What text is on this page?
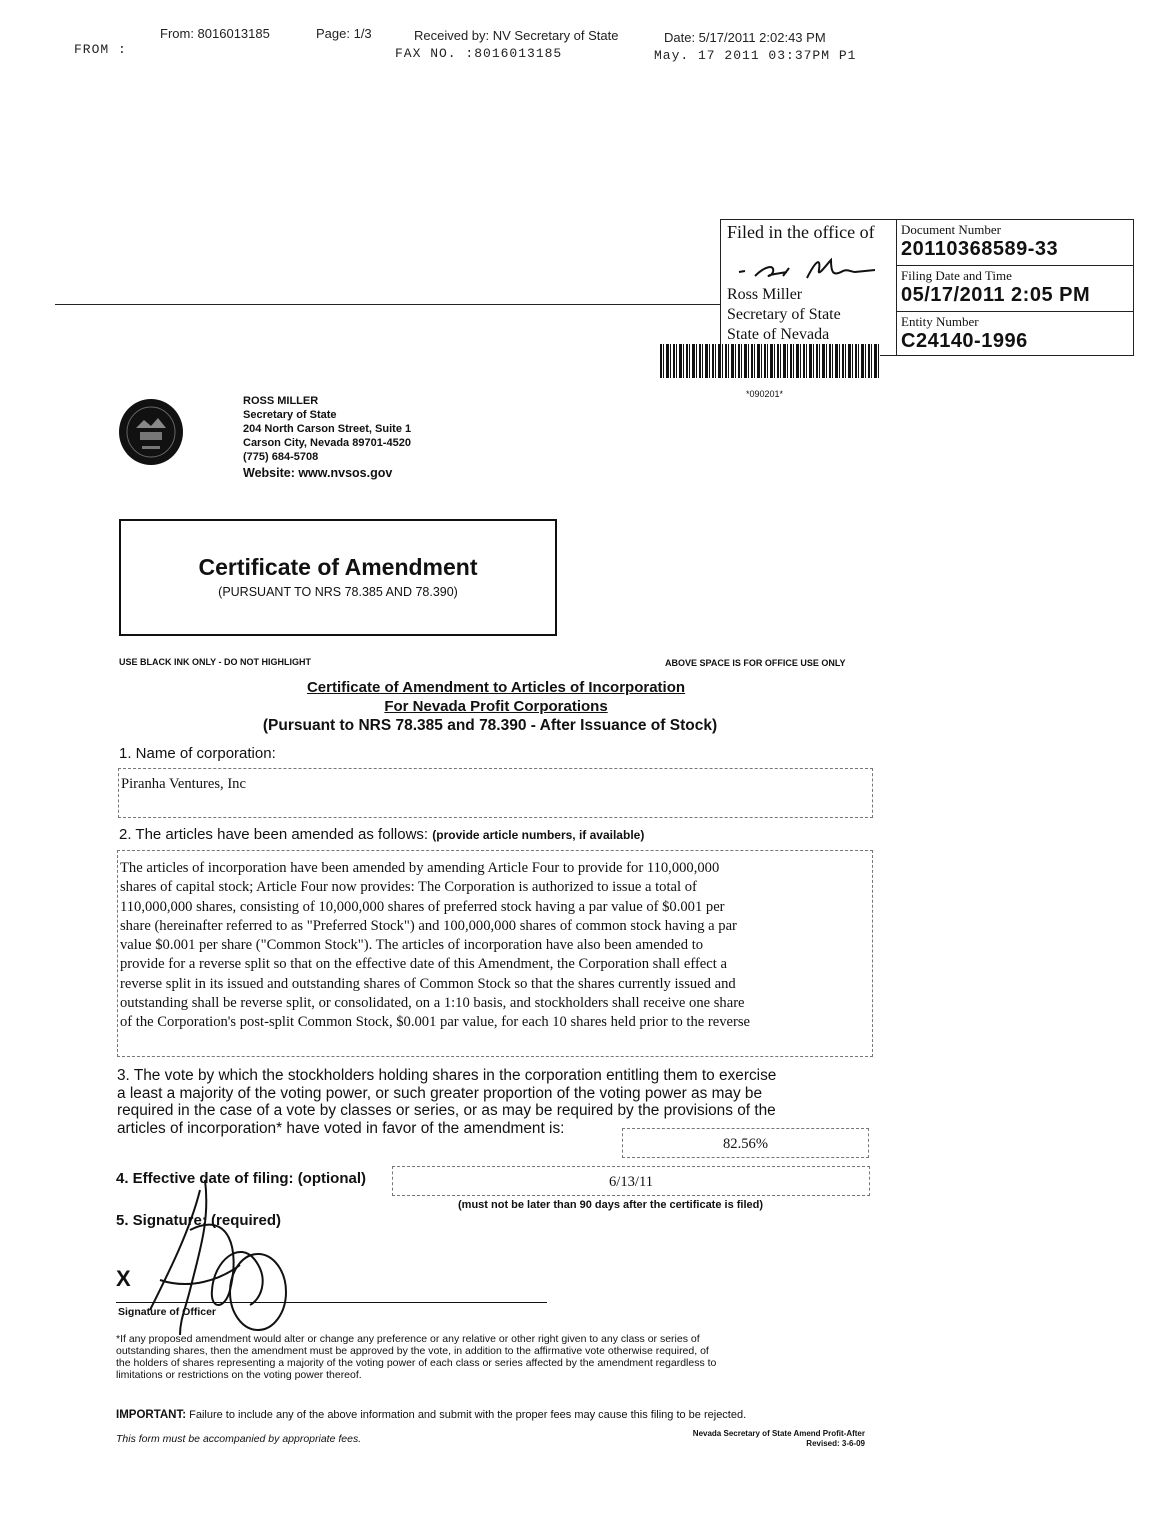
FROM :
From: 8016013185	Page: 1/3	Received by: NV Secretary of State	Date: 5/17/2011 2:02:43 PM
FAX NO. :8016013185	May. 17 2011 03:37PM P1
Filed in the office of
Ross Miller
Secretary of State
State of Nevada
Document Number
20110368589-33
Filing Date and Time
05/17/2011 2:05 PM
Entity Number
C24140-1996
*090201*
ROSS MILLER
Secretary of State
204 North Carson Street, Suite 1
Carson City, Nevada 89701-4520
(775) 684-5708
Website: www.nvsos.gov
Certificate of Amendment
(PURSUANT TO NRS 78.385 AND 78.390)
USE BLACK INK ONLY - DO NOT HIGHLIGHT	ABOVE SPACE IS FOR OFFICE USE ONLY
Certificate of Amendment to Articles of Incorporation
For Nevada Profit Corporations
(Pursuant to NRS 78.385 and 78.390 - After Issuance of Stock)
1. Name of corporation:
Piranha Ventures, Inc
2. The articles have been amended as follows: (provide article numbers, if available)
The articles of incorporation have been amended by amending Article Four to provide for 110,000,000
shares of capital stock; Article Four now provides: The Corporation is authorized to issue a total of
110,000,000 shares, consisting of 10,000,000 shares of preferred stock having a par value of $0.001 per
share (hereinafter referred to as "Preferred Stock") and 100,000,000 shares of common stock having a par
value $0.001 per share ("Common Stock"). The articles of incorporation have also been amended to
provide for a reverse split so that on the effective date of this Amendment, the Corporation shall effect a
reverse split in its issued and outstanding shares of Common Stock so that the shares currently issued and
outstanding shall be reverse split, or consolidated, on a 1:10 basis, and stockholders shall receive one share
of the Corporation's post-split Common Stock, $0.001 par value, for each 10 shares held prior to the reverse
3. The vote by which the stockholders holding shares in the corporation entitling them to exercise
a least a majority of the voting power, or such greater proportion of the voting power as may be
required in the case of a vote by classes or series, or as may be required by the provisions of the
articles of incorporation* have voted in favor of the amendment is:
82.56%
4. Effective date of filing: (optional)	6/13/11
(must not be later than 90 days after the certificate is filed)
5. Signature: (required)
X
Signature of Officer
*If any proposed amendment would alter or change any preference or any relative or other right given to any class or series of
outstanding shares, then the amendment must be approved by the vote, in addition to the affirmative vote otherwise required, of
the holders of shares representing a majority of the voting power of each class or series affected by the amendment regardless to
limitations or restrictions on the voting power thereof.
IMPORTANT: Failure to include any of the above information and submit with the proper fees may cause this filing to be rejected.
This form must be accompanied by appropriate fees.	Nevada Secretary of State Amend Profit-After
Revised: 3-6-09
